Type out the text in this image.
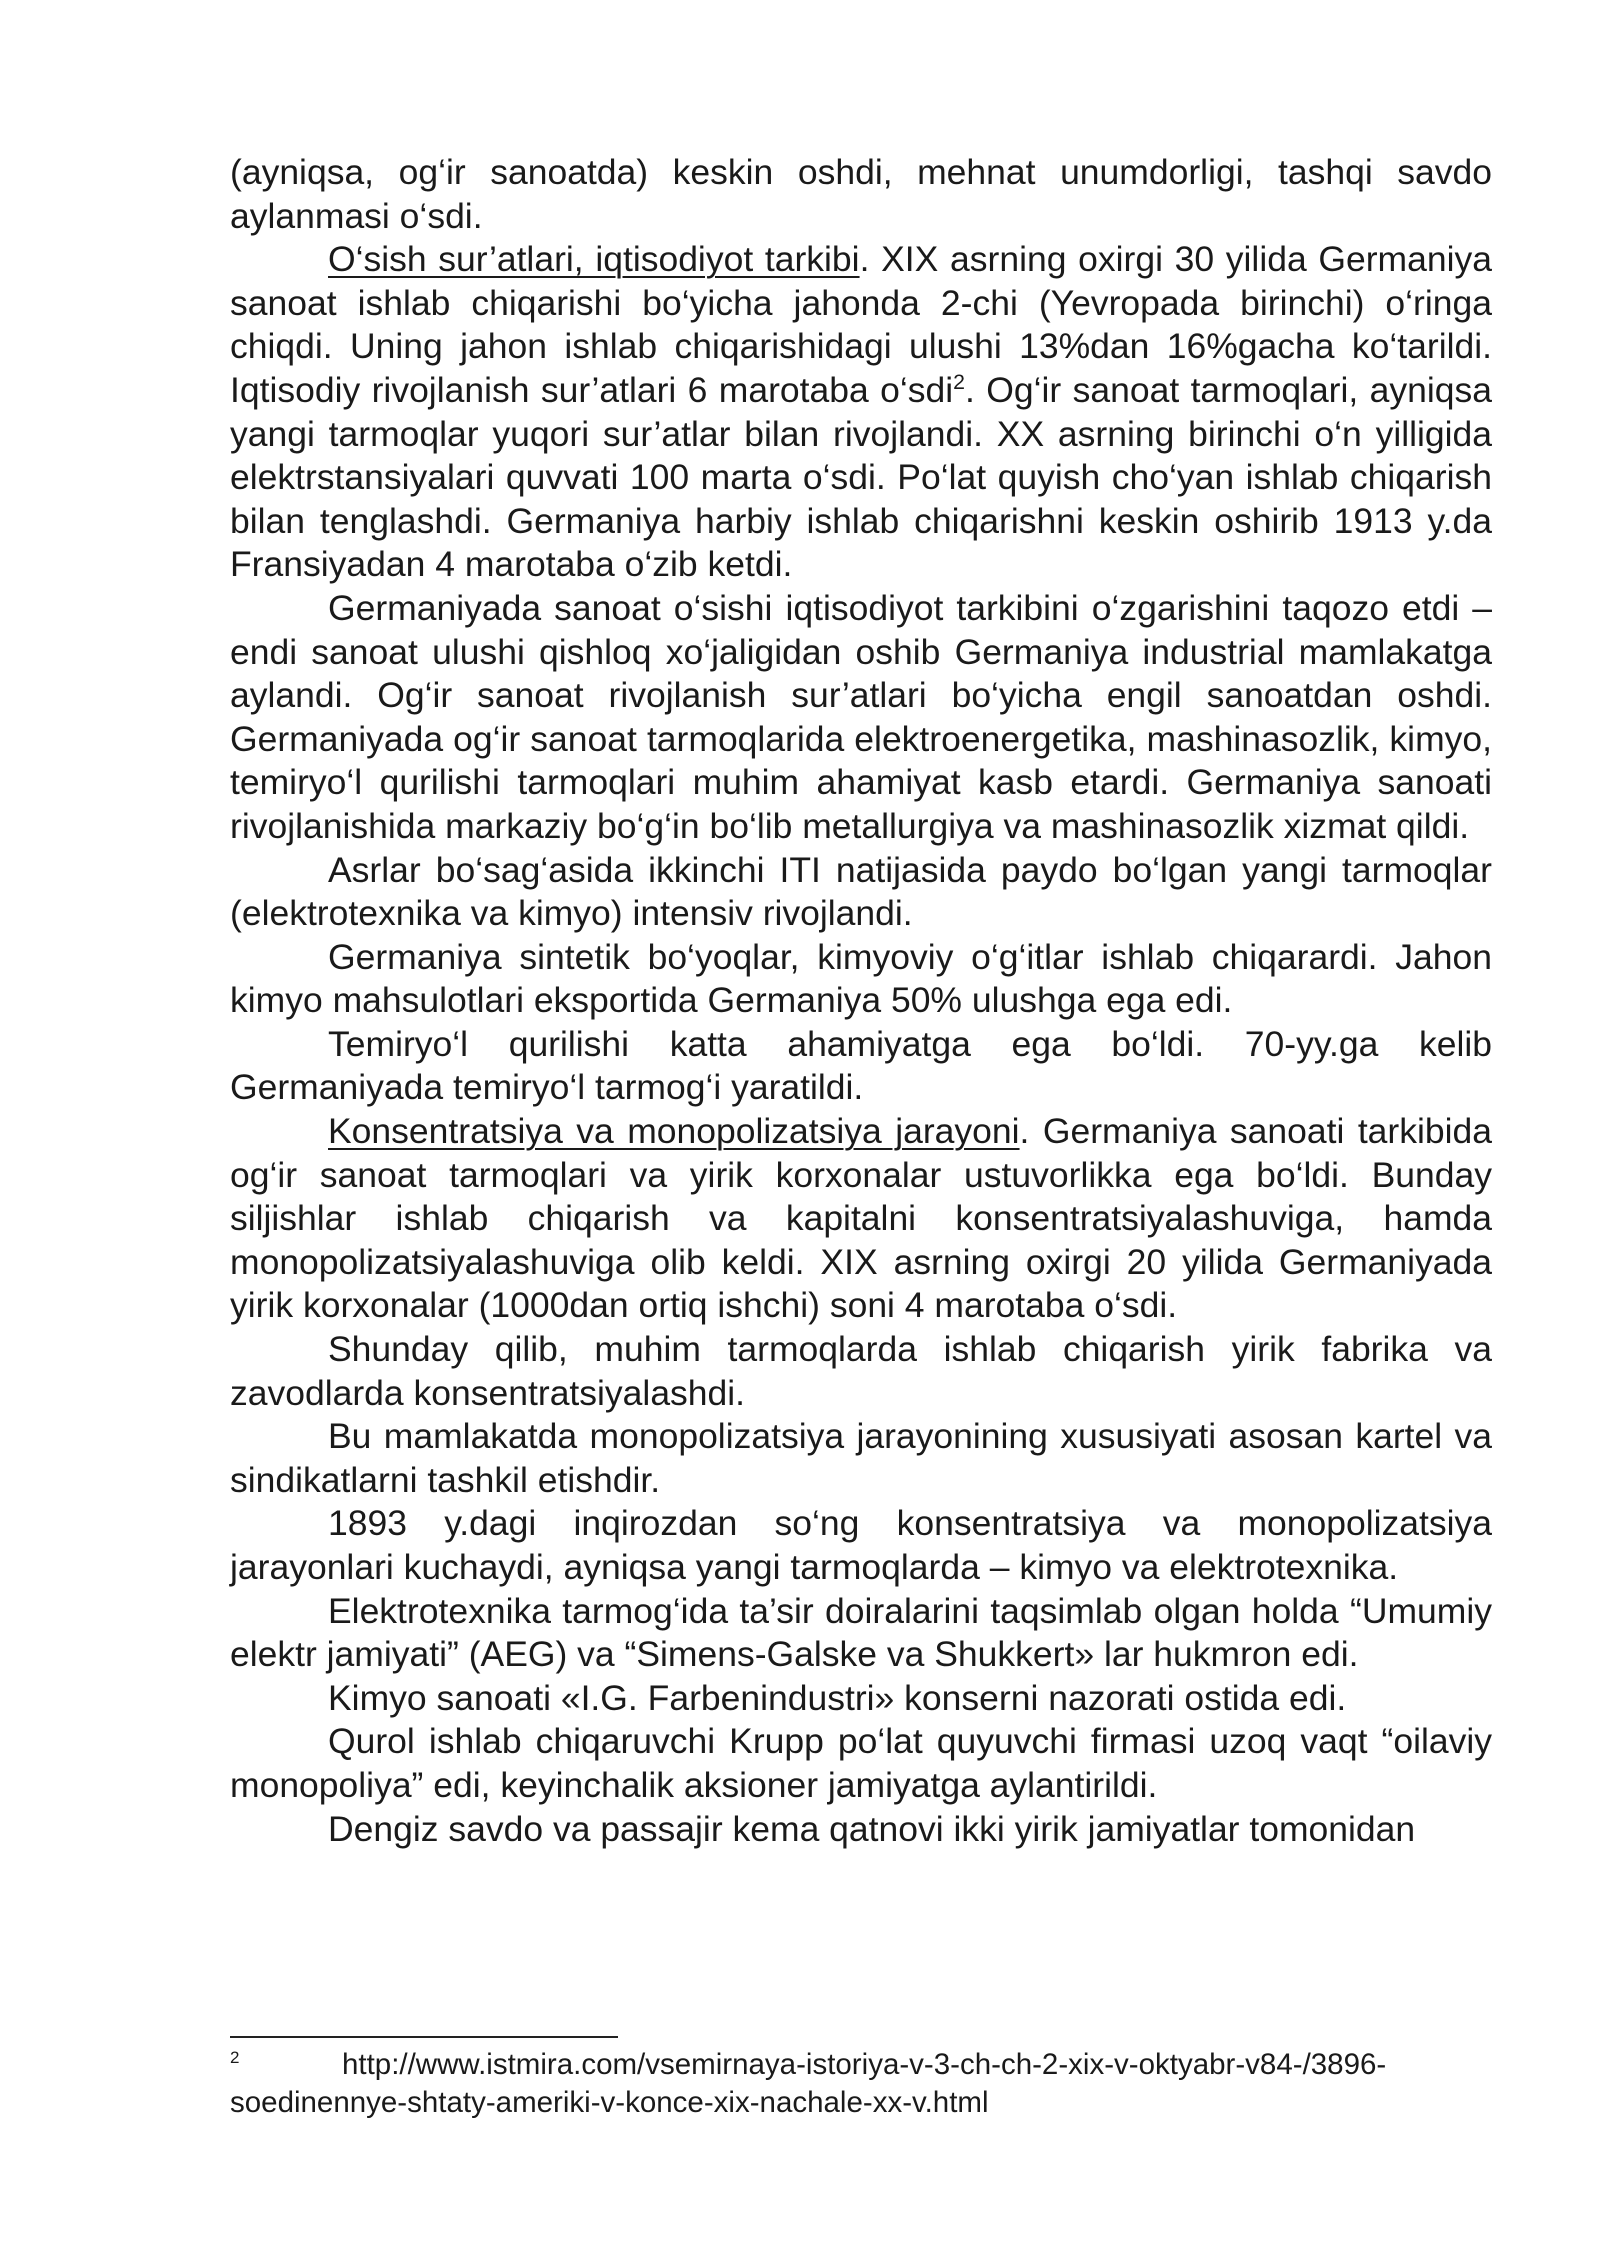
(ayniqsa, og‘ir sanoatda) keskin oshdi, mehnat unumdorligi, tashqi savdo aylanmasi o‘sdi.

O‘sish sur’atlari, iqtisodiyot tarkibi. XIX asrning oxirgi 30 yilida Germaniya sanoat ishlab chiqarishi bo‘yicha jahonda 2-chi (Yevropada birinchi) o‘ringa chiqdi. Uning jahon ishlab chiqarishidagi ulushi 13%dan 16%gacha ko‘tarildi. Iqtisodiy rivojlanish sur’atlari 6 marotaba o‘sdi$^2$. Og‘ir sanoat tarmoqlari, ayniqsa yangi tarmoqlar yuqori sur’atlar bilan rivojlandi. XX asrning birinchi o‘n yilligida elektrstansiyalari quvvati 100 marta o‘sdi. Po‘lat quyish cho‘yan ishlab chiqarish bilan tenglashdi. Germaniya harbiy ishlab chiqarishni keskin oshirib 1913 y.da Fransiyadan 4 marotaba o‘zib ketdi.

Germaniyada sanoat o‘sishi iqtisodiyot tarkibini o‘zgarishini taqozo etdi – endi sanoat ulushi qishloq xo‘jaligidan oshib Germaniya industrial mamlakatga aylandi. Og‘ir sanoat rivojlanish sur’atlari bo‘yicha engil sanoatdan oshdi. Germaniyada og‘ir sanoat tarmoqlarida elektroenergetika, mashinasozlik, kimyo, temiryo‘l qurilishi tarmoqlari muhim ahamiyat kasb etardi. Germaniya sanoati rivojlanishida markaziy bo‘g‘in bo‘lib metallurgiya va mashinasozlik xizmat qildi.

Asrlar bo‘sag‘asida ikkinchi ITI natijasida paydo bo‘lgan yangi tarmoqlar (elektrotexnika va kimyo) intensiv rivojlandi.

Germaniya sintetik bo‘yoqlar, kimyoviy o‘g‘itlar ishlab chiqarardi. Jahon kimyo mahsulotlari eksportida Germaniya 50% ulushga ega edi.

Temiryo‘l qurilishi katta ahamiyatga ega bo‘ldi. 70-yy.ga kelib Germaniyada temiryo‘l tarmog‘i yaratildi.

Konsentratsiya va monopolizatsiya jarayoni. Germaniya sanoati tarkibida og‘ir sanoat tarmoqlari va yirik korxonalar ustuvorlikka ega bo‘ldi. Bunday siljishlar ishlab chiqarish va kapitalni konsentratsiyalashuviga, hamda monopolizatsiyalashuviga olib keldi. XIX asrning oxirgi 20 yilida Germaniyada yirik korxonalar (1000dan ortiq ishchi) soni 4 marotaba o‘sdi.

Shunday qilib, muhim tarmoqlarda ishlab chiqarish yirik fabrika va zavodlarda konsentratsiyalashdi.

Bu mamlakatda monopolizatsiya jarayonining xususiyati asosan kartel va sindikatlarni tashkil etishdir.

1893 y.dagi inqirozdan so‘ng konsentratsiya va monopolizatsiya jarayonlari kuchaydi, ayniqsa yangi tarmoqlarda – kimyo va elektrotexnika.

Elektrotexnika tarmog‘ida ta’sir doiralarini taqsimlab olgan holda “Umumiy elektr jamiyati” (AEG) va “Simens-Galske va Shukkert» lar hukmron edi.

Kimyo sanoati «I.G. Farbenindustri» konserni nazorati ostida edi.

Qurol ishlab chiqaruvchi Krupp po‘lat quyuvchi firmasi uzoq vaqt “oilaviy monopoliya” edi, keyinchalik aksioner jamiyatga aylantirildi.

Dengiz savdo va passajir kema qatnovi ikki yirik jamiyatlar tomonidan

2	http://www.istmira.com/vsemirnaya-istoriya-v-3-ch-ch-2-xix-v-oktyabr-v84-/3896-soedinennye-shtaty-ameriki-v-konce-xix-nachale-xx-v.html
